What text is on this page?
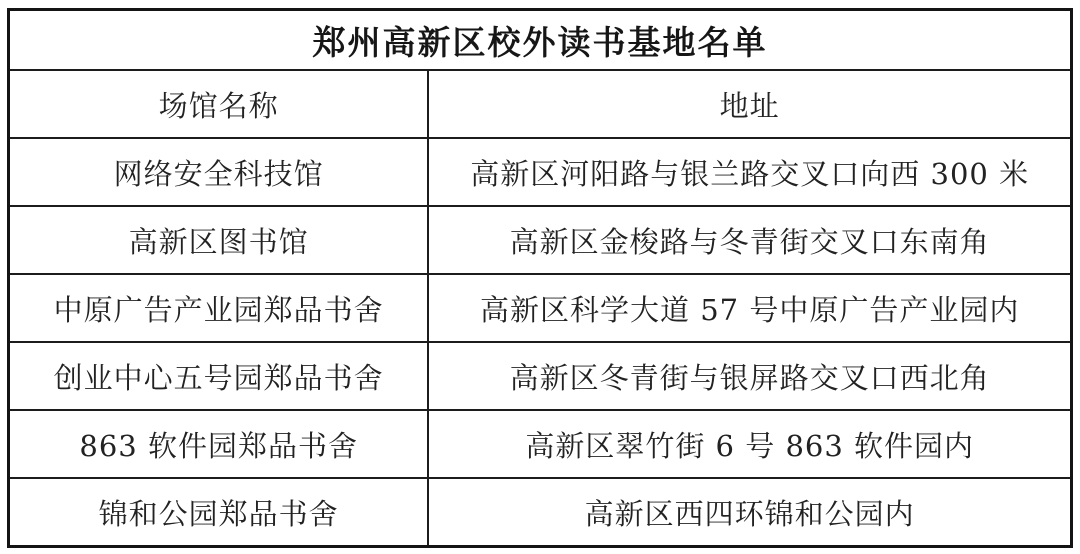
郑州高新区校外读书基地名单	
场馆名称	地址
网络安全科技馆	高新区河阳路与银兰路交叉口向西 300 米
高新区图书馆	高新区金梭路与冬青街交叉口东南角
中原广告产业园郑品书舍	高新区科学大道 57 号中原广告产业园内
创业中心五号园郑品书舍	高新区冬青街与银屏路交叉口西北角
863 软件园郑品书舍	高新区翠竹街 6 号 863 软件园内
锦和公园郑品书舍	高新区西四环锦和公园内
